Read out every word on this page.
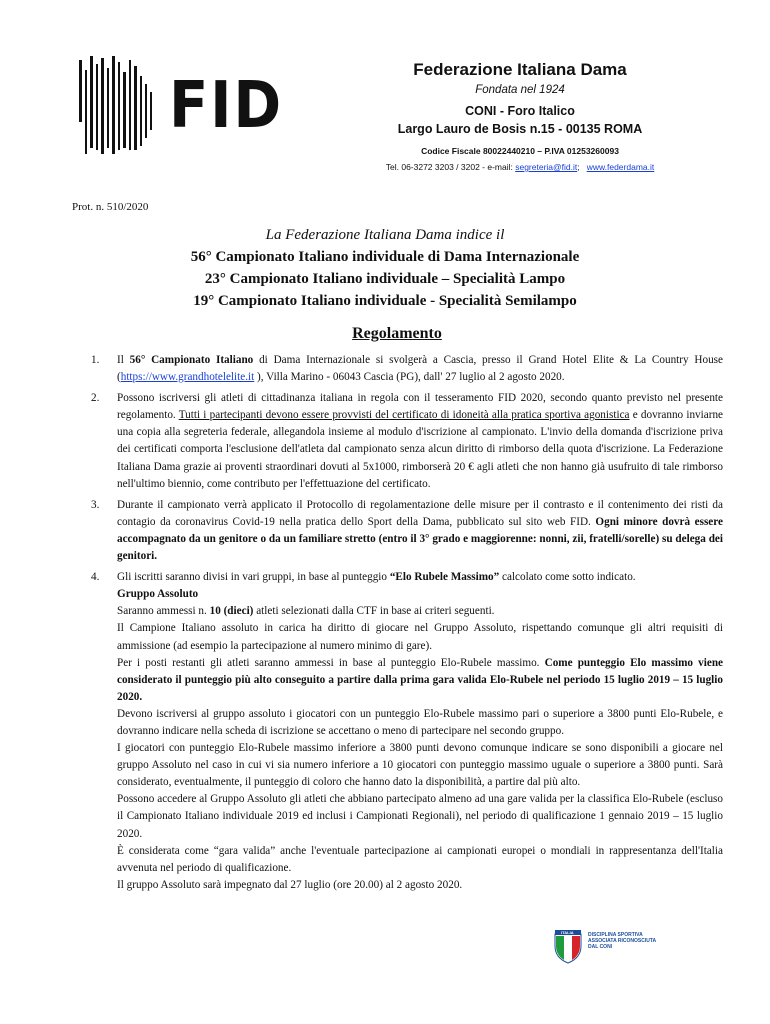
FID	Federazione Italiana Dama

Fondata nel 1924

CONI - Foro Italico

Largo Lauro de Bosis n.15 - 00135 ROMA

Codice Fiscale 80022440210 – P.IVA 01253260093

Tel. 06-3272 3203 / 3202 - e-mail: segreteria@fid.it;   www.federdama.it

Prot. n. 510/2020

La Federazione Italiana Dama indice il

56° Campionato Italiano individuale di Dama Internazionale

23° Campionato Italiano individuale – Specialità Lampo

19° Campionato Italiano individuale - Specialità Semilampo

Regolamento

1. Il 56° Campionato Italiano di Dama Internazionale si svolgerà a Cascia, presso il Grand Hotel Elite & La Country House (https://www.grandhotelelite.it ), Villa Marino - 06043 Cascia (PG), dall' 27 luglio al 2 agosto 2020.

2. Possono iscriversi gli atleti di cittadinanza italiana in regola con il tesseramento FID 2020, secondo quanto previsto nel presente regolamento. Tutti i partecipanti devono essere provvisti del certificato di idoneità alla pratica sportiva agonistica e dovranno inviarne una copia alla segreteria federale, allegandola insieme al modulo d'iscrizione al campionato. L'invio della domanda d'iscrizione priva dei certificati comporta l'esclusione dell'atleta dal campionato senza alcun diritto di rimborso della quota d'iscrizione. La Federazione Italiana Dama grazie ai proventi straordinari dovuti al 5x1000, rimborserà 20 € agli atleti che non hanno già usufruito di tale rimborso nell'ultimo biennio, come contributo per l'effettuazione del certificato.

3. Durante il campionato verrà applicato il Protocollo di regolamentazione delle misure per il contrasto e il contenimento dei risti da contagio da coronavirus Covid-19 nella pratica dello Sport della Dama, pubblicato sul sito web FID. Ogni minore dovrà essere accompagnato da un genitore o da un familiare stretto (entro il 3° grado e maggiorenne: nonni, zii, fratelli/sorelle) su delega dei genitori.

4. Gli iscritti saranno divisi in vari gruppi, in base al punteggio “Elo Rubele Massimo” calcolato come sotto indicato.

Gruppo Assoluto

Saranno ammessi n. 10 (dieci) atleti selezionati dalla CTF in base ai criteri seguenti.

Il Campione Italiano assoluto in carica ha diritto di giocare nel Gruppo Assoluto, rispettando comunque gli altri requisiti di ammissione (ad esempio la partecipazione al numero minimo di gare).

Per i posti restanti gli atleti saranno ammessi in base al punteggio Elo-Rubele massimo. Come punteggio Elo massimo viene considerato il punteggio più alto conseguito a partire dalla prima gara valida Elo-Rubele nel periodo 15 luglio 2019 – 15 luglio 2020.

Devono iscriversi al gruppo assoluto i giocatori con un punteggio Elo-Rubele massimo pari o superiore a 3800 punti Elo-Rubele, e dovranno indicare nella scheda di iscrizione se accettano o meno di partecipare nel secondo gruppo.

I giocatori con punteggio Elo-Rubele massimo inferiore a 3800 punti devono comunque indicare se sono disponibili a giocare nel gruppo Assoluto nel caso in cui vi sia numero inferiore a 10 giocatori con punteggio massimo uguale o superiore a 3800 punti. Sarà considerato, eventualmente, il punteggio di coloro che hanno dato la disponibilità, a partire dal più alto.

Possono accedere al Gruppo Assoluto gli atleti che abbiano partecipato almeno ad una gare valida per la classifica Elo-Rubele (escluso il Campionato Italiano individuale 2019 ed inclusi i Campionati Regionali), nel periodo di qualificazione 1 gennaio 2019 – 15 luglio 2020.

È considerata come “gara valida” anche l'eventuale partecipazione ai campionati europei o mondiali in rappresentanza dell'Italia avvenuta nel periodo di qualificazione.

Il gruppo Assoluto sarà impegnato dal 27 luglio (ore 20.00) al 2 agosto 2020.

ITALIA	DISCIPLINA SPORTIVA
ASSOCIATA RICONOSCIUTA
DAL CONI
